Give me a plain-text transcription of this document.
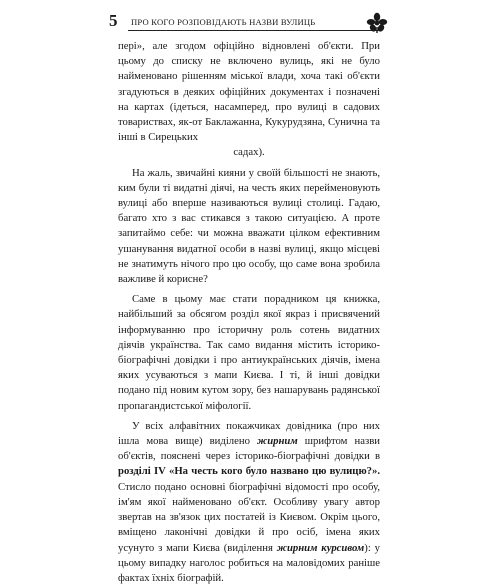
5 ПРО КОГО РОЗПОВІДАЮТЬ НАЗВИ ВУЛИЦЬ

пері», але згодом офіційно відновлені об'єкти. При цьому до списку не включено вулиць, які не було найменовано рішенням міської влади, хоча такі об'єкти згадуються в деяких офіційних документах і позначені на картах (ідеться, насамперед, про вулиці в садових товариствах, як-от Баклажанна, Кукурудзяна, Сунична та інші в Сирецьких
садах).

На жаль, звичайні кияни у своїй більшості не знають, ким були ті видатні діячі, на честь яких перейменовують вулиці або вперше називаються вулиці столиці. Гадаю, багато хто з вас стикався з такою ситуацією. А проте запитаймо себе: чи можна вважати цілком ефективним ушанування видатної особи в назві вулиці, якщо місцеві не знатимуть нічого про цю особу, що саме вона зробила важливе й корисне?

Саме в цьому має стати порадником ця книжка, найбільший за обсягом розділ якої якраз і присвячений інформуванню про історичну роль сотень видатних діячів українства. Так само видання містить історико-біографічні довідки і про антиукраїнських діячів, імена яких усуваються з мапи Києва. І ті, й інші довідки подано під новим кутом зору, без нашарувань радянської пропагандистської міфології.

У всіх алфавітних покажчиках довідника (про них ішла мова вище) виділено жирним шрифтом назви об'єктів, пояснені через історико-біографічні довідки в розділі IV «На честь кого було названо цю вулицю?». Стисло подано основні біографічні відомості про особу, ім'ям якої найменовано об'єкт. Особливу увагу автор звертав на зв'язок цих постатей із Києвом. Окрім цього, вміщено лаконічні довідки й про осіб, імена яких усунуто з мапи Києва (виділення жирним курсивом): у цьому випадку наголос робиться на маловідомих раніше фактах їхніх біографій.
